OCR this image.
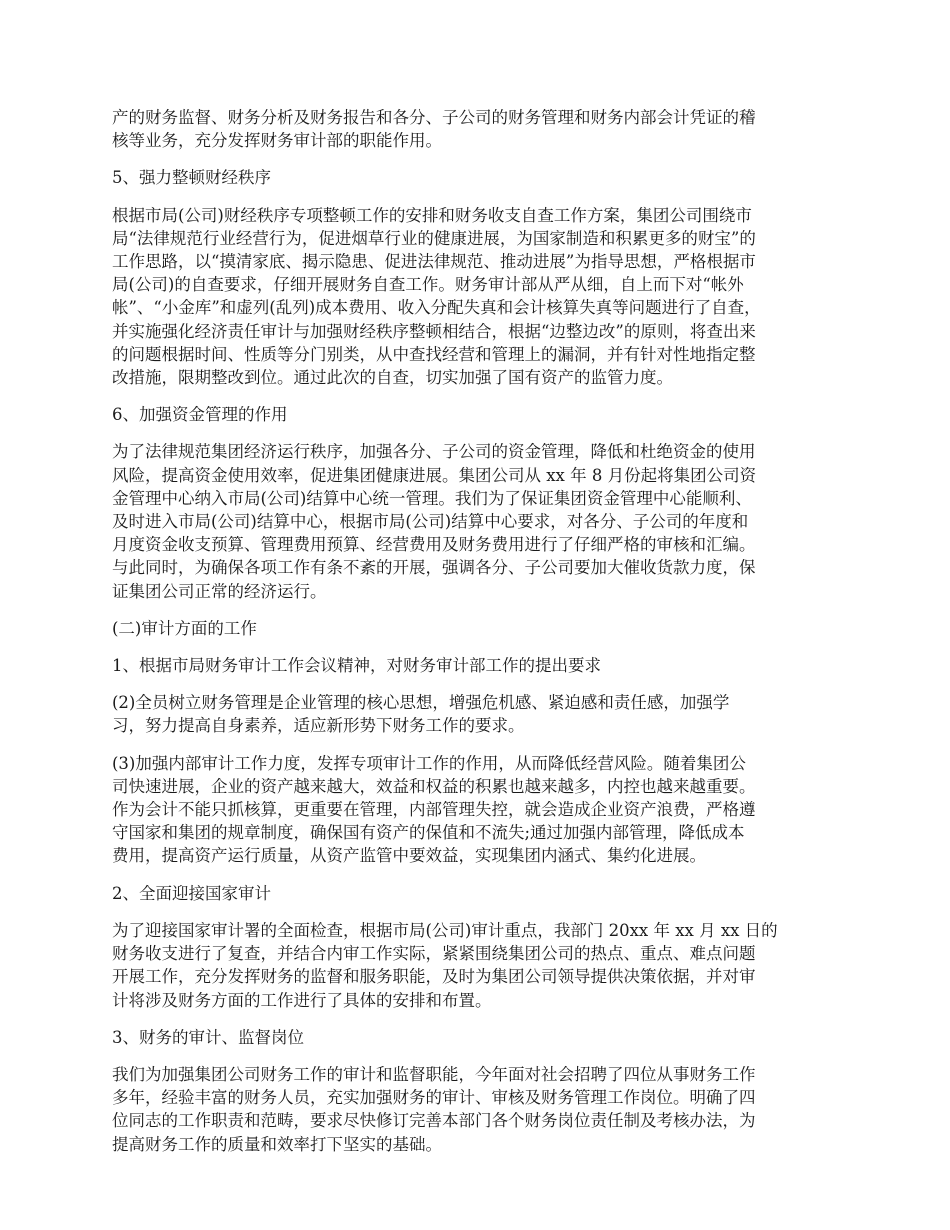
产的财务监督、财务分析及财务报告和各分、子公司的财务管理和财务内部会计凭证的稽
核等业务，充分发挥财务审计部的职能作用。

5、强力整顿财经秩序

根据市局(公司)财经秩序专项整顿工作的安排和财务收支自查工作方案，集团公司围绕市
局“法律规范行业经营行为，促进烟草行业的健康进展，为国家制造和积累更多的财宝”的
工作思路，以“摸清家底、揭示隐患、促进法律规范、推动进展”为指导思想，严格根据市
局(公司)的自查要求，仔细开展财务自查工作。财务审计部从严从细，自上而下对“帐外
帐”、“小金库”和虚列(乱列)成本费用、收入分配失真和会计核算失真等问题进行了自查，
并实施强化经济责任审计与加强财经秩序整顿相结合，根据“边整边改”的原则，将查出来
的问题根据时间、性质等分门别类，从中查找经营和管理上的漏洞，并有针对性地指定整
改措施，限期整改到位。通过此次的自查，切实加强了国有资产的监管力度。

6、加强资金管理的作用

为了法律规范集团经济运行秩序，加强各分、子公司的资金管理，降低和杜绝资金的使用
风险，提高资金使用效率，促进集团健康进展。集团公司从 xx 年 8 月份起将集团公司资
金管理中心纳入市局(公司)结算中心统一管理。我们为了保证集团资金管理中心能顺利、
及时进入市局(公司)结算中心，根据市局(公司)结算中心要求，对各分、子公司的年度和
月度资金收支预算、管理费用预算、经营费用及财务费用进行了仔细严格的审核和汇编。
与此同时，为确保各项工作有条不紊的开展，强调各分、子公司要加大催收货款力度，保
证集团公司正常的经济运行。

(二)审计方面的工作

1、根据市局财务审计工作会议精神，对财务审计部工作的提出要求

(2)全员树立财务管理是企业管理的核心思想，增强危机感、紧迫感和责任感，加强学
习，努力提高自身素养，适应新形势下财务工作的要求。

(3)加强内部审计工作力度，发挥专项审计工作的作用，从而降低经营风险。随着集团公
司快速进展，企业的资产越来越大，效益和权益的积累也越来越多，内控也越来越重要。
作为会计不能只抓核算，更重要在管理，内部管理失控，就会造成企业资产浪费，严格遵
守国家和集团的规章制度，确保国有资产的保值和不流失;通过加强内部管理，降低成本
费用，提高资产运行质量，从资产监管中要效益，实现集团内涵式、集约化进展。

2、全面迎接国家审计

为了迎接国家审计署的全面检查，根据市局(公司)审计重点，我部门 20xx 年 xx 月 xx 日的
财务收支进行了复查，并结合内审工作实际，紧紧围绕集团公司的热点、重点、难点问题
开展工作，充分发挥财务的监督和服务职能，及时为集团公司领导提供决策依据，并对审
计将涉及财务方面的工作进行了具体的安排和布置。

3、财务的审计、监督岗位

我们为加强集团公司财务工作的审计和监督职能，今年面对社会招聘了四位从事财务工作
多年，经验丰富的财务人员，充实加强财务的审计、审核及财务管理工作岗位。明确了四
位同志的工作职责和范畴，要求尽快修订完善本部门各个财务岗位责任制及考核办法，为
提高财务工作的质量和效率打下坚实的基础。
